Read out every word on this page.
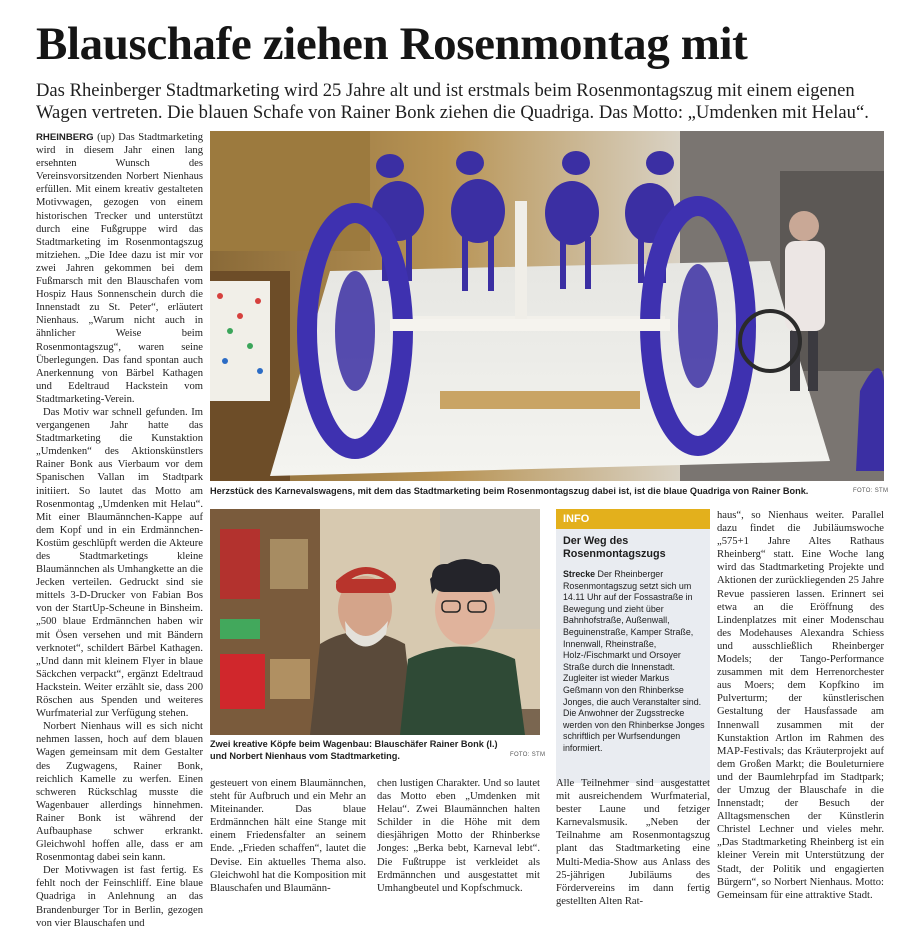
Blauschafe ziehen Rosenmontag mit

Das Rheinberger Stadtmarketing wird 25 Jahre alt und ist erstmals beim Rosenmontagszug mit einem eigenen Wagen vertreten. Die blauen Schafe von Rainer Bonk ziehen die Quadriga. Das Motto: „Umdenken mit Helau“.

RHEINBERG (up) Das Stadtmarketing wird in diesem Jahr einen lang ersehnten Wunsch des Vereinsvorsitzenden Norbert Nienhaus erfüllen. Mit einem kreativ gestalteten Motivwagen, gezogen von einem historischen Trecker und unterstützt durch eine Fußgruppe wird das Stadtmarketing im Rosenmontagszug mitziehen. „Die Idee dazu ist mir vor zwei Jahren gekommen bei dem Fußmarsch mit den Blauschafen vom Hospiz Haus Sonnenschein durch die Innenstadt zu St. Peter“, erläutert Nienhaus. „Warum nicht auch in ähnlicher Weise beim Rosenmontagszug“, waren seine Überlegungen. Das fand spontan auch Anerkennung von Bärbel Kathagen und Edeltraud Hackstein vom Stadtmarketing-Verein.

Das Motiv war schnell gefunden. Im vergangenen Jahr hatte das Stadtmarketing die Kunstaktion „Umdenken“ des Aktionskünstlers Rainer Bonk aus Vierbaum vor dem Spanischen Vallan im Stadtpark initiiert. So lautet das Motto am Rosenmontag „Umdenken mit Helau“. Mit einer Blaumännchen-Kappe auf dem Kopf und in ein Erdmännchen-Kostüm geschlüpft werden die Akteure des Stadtmarketings kleine Blaumännchen als Umhangkette an die Jecken verteilen. Gedruckt sind sie mittels 3-D-Drucker von Fabian Bos von der StartUp-Scheune in Binsheim. „500 blaue Erdmännchen haben wir mit Ösen versehen und mit Bändern verknotet“, schildert Bärbel Kathagen. „Und dann mit kleinem Flyer in blaue Säckchen verpackt“, ergänzt Edeltraud Hackstein. Weiter erzählt sie, dass 200 Röschen aus Spenden und weiteres Wurfmaterial zur Verfügung stehen.

Norbert Nienhaus will es sich nicht nehmen lassen, hoch auf dem blauen Wagen gemeinsam mit dem Gestalter des Zugwagens, Rainer Bonk, reichlich Kamelle zu werfen. Einen schweren Rückschlag musste die Wagenbauer allerdings hinnehmen. Rainer Bonk ist während der Aufbauphase schwer erkrankt. Gleichwohl hoffen alle, dass er am Rosenmontag dabei sein kann.

Der Motivwagen ist fast fertig. Es fehlt noch der Feinschliff. Eine blaue Quadriga in Anlehnung an das Brandenburger Tor in Berlin, gezogen von vier Blauschafen und

Herzstück des Karnevalswagens, mit dem das Stadtmarketing beim Rosenmontagszug dabei ist, ist die blaue Quadriga von Rainer Bonk.	FOTO: STM
Zwei kreative Köpfe beim Wagenbau: Blauschäfer Rainer Bonk (l.) und Norbert Nienhaus vom Stadtmarketing.	FOTO: STM
gesteuert von einem Blaumännchen, steht für Aufbruch und ein Mehr an Miteinander. Das blaue Erdmännchen hält eine Stange mit einem Friedensfalter an seinem Ende. „Frieden schaffen“, lautet die Devise. Ein aktuelles Thema also. Gleichwohl hat die Komposition mit Blauschafen und Blaumänn-
chen lustigen Charakter. Und so lautet das Motto eben „Umdenken mit Helau“. Zwei Blaumännchen halten Schilder in die Höhe mit dem diesjährigen Motto der Rhinberkse Jonges: „Berka bebt, Karneval lebt“. Die Fußtruppe ist verkleidet als Erdmännchen und ausgestattet mit Umhangbeutel und Kopfschmuck.
INFO
Der Weg des Rosenmontagszugs
Strecke Der Rheinberger Rosenmontagszug setzt sich um 14.11 Uhr auf der Fossastraße in Bewegung und zieht über Bahnhofstraße, Außenwall, Beguinenstraße, Kamper Straße, Innenwall, Rheinstraße, Holz-/Fischmarkt und Orsoyer Straße durch die Innenstadt. Zugleiter ist wieder Markus Geßmann von den Rhinberkse Jonges, die auch Veranstalter sind. Die Anwohner der Zugsstrecke werden von den Rhinberkse Jonges schriftlich per Wurfsendungen informiert.
Alle Teilnehmer sind ausgestattet mit ausreichendem Wurfmaterial, bester Laune und fetziger Karnevalsmusik. „Neben der Teilnahme am Rosenmontagszug plant das Stadtmarketing eine Multi-Media-Show aus Anlass des 25-jährigen Jubiläums des Fördervereins im dann fertig gestellten Alten Rat-
haus“, so Nienhaus weiter. Parallel dazu findet die Jubiläumswoche „575+1 Jahre Altes Rathaus Rheinberg“ statt. Eine Woche lang wird das Stadtmarketing Projekte und Aktionen der zurückliegenden 25 Jahre Revue passieren lassen. Erinnert sei etwa an die Eröffnung des Lindenplatzes mit einer Modenschau des Modehauses Alexandra Schiess und ausschließlich Rheinberger Models; der Tango-Performance zusammen mit dem Herrenorchester aus Moers; dem Kopfkino im Pulverturm; der künstlerischen Gestaltung der Hausfassade am Innenwall zusammen mit der Kunstaktion Artlon im Rahmen des MAP-Festivals; das Kräuterprojekt auf dem Großen Markt; die Bouleturniere und der Baumlehrpfad im Stadtpark; der Umzug der Blauschafe in die Innenstadt; der Besuch der Alltagsmenschen der Künstlerin Christel Lechner und vieles mehr. „Das Stadtmarketing Rheinberg ist ein kleiner Verein mit Unterstützung der Stadt, der Politik und engagierten Bürgern“, so Norbert Nienhaus. Motto: Gemeinsam für eine attraktive Stadt.
